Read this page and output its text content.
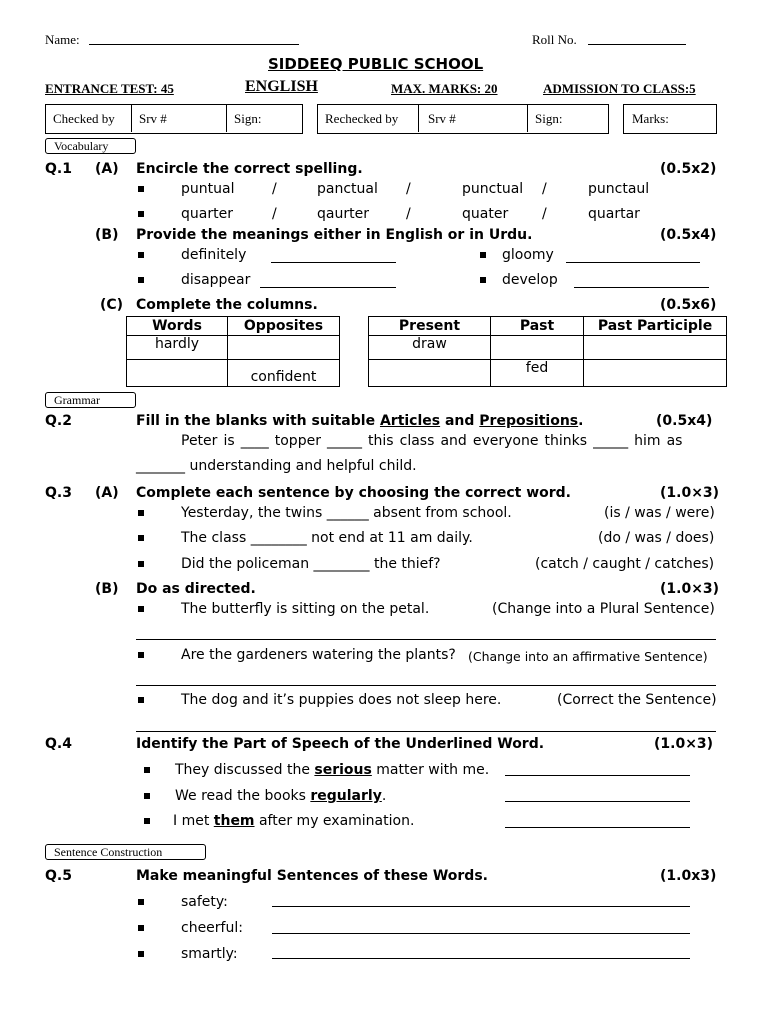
Name:	Roll No.
SIDDEEQ PUBLIC SCHOOL
ENTRANCE TEST: 45	ENGLISH	MAX. MARKS: 20	ADMISSION TO CLASS:5
Checked by Srv #	Sign:	Rechecked by Srv #	Sign:	Marks:
Vocabulary
Q.1 (A) Encircle the correct spelling.	(0.5x2)
puntual	/	panctual /	punctual /	punctaul
quarter	/	qaurter	/	quater /	quartar
(B) Provide the meanings either in English or in Urdu.	(0.5x4)
definitely	gloomy
disappear	develop
(C) Complete the columns.	(0.5x6)
Words	Opposites
hardly	
	confident
Present	Past	Past Participle
draw		
	fed	
Grammar
Q.2	Fill in the blanks with suitable Articles and Prepositions.	(0.5x4)
Peter is ____ topper _____ this class and everyone thinks _____ him as
_______ understanding and helpful child.
Q.3 (A) Complete each sentence by choosing the correct word.	(1.0×3)
Yesterday, the twins ______ absent from school.	(is / was / were)
The class ________ not end at 11 am daily.	(do / was / does)
Did the policeman ________ the thief?	(catch / caught / catches)
(B) Do as directed.	(1.0×3)
The butterfly is sitting on the petal.	(Change into a Plural Sentence)
Are the gardeners watering the plants? (Change into an affirmative Sentence)
The dog and it’s puppies does not sleep here.	(Correct the Sentence)
Q.4	Identify the Part of Speech of the Underlined Word.	(1.0×3)
They discussed the serious matter with me.
We read the books regularly.
I met them after my examination.
Sentence Construction
Q.5	Make meaningful Sentences of these Words.	(1.0x3)
safety:
cheerful:
smartly:
